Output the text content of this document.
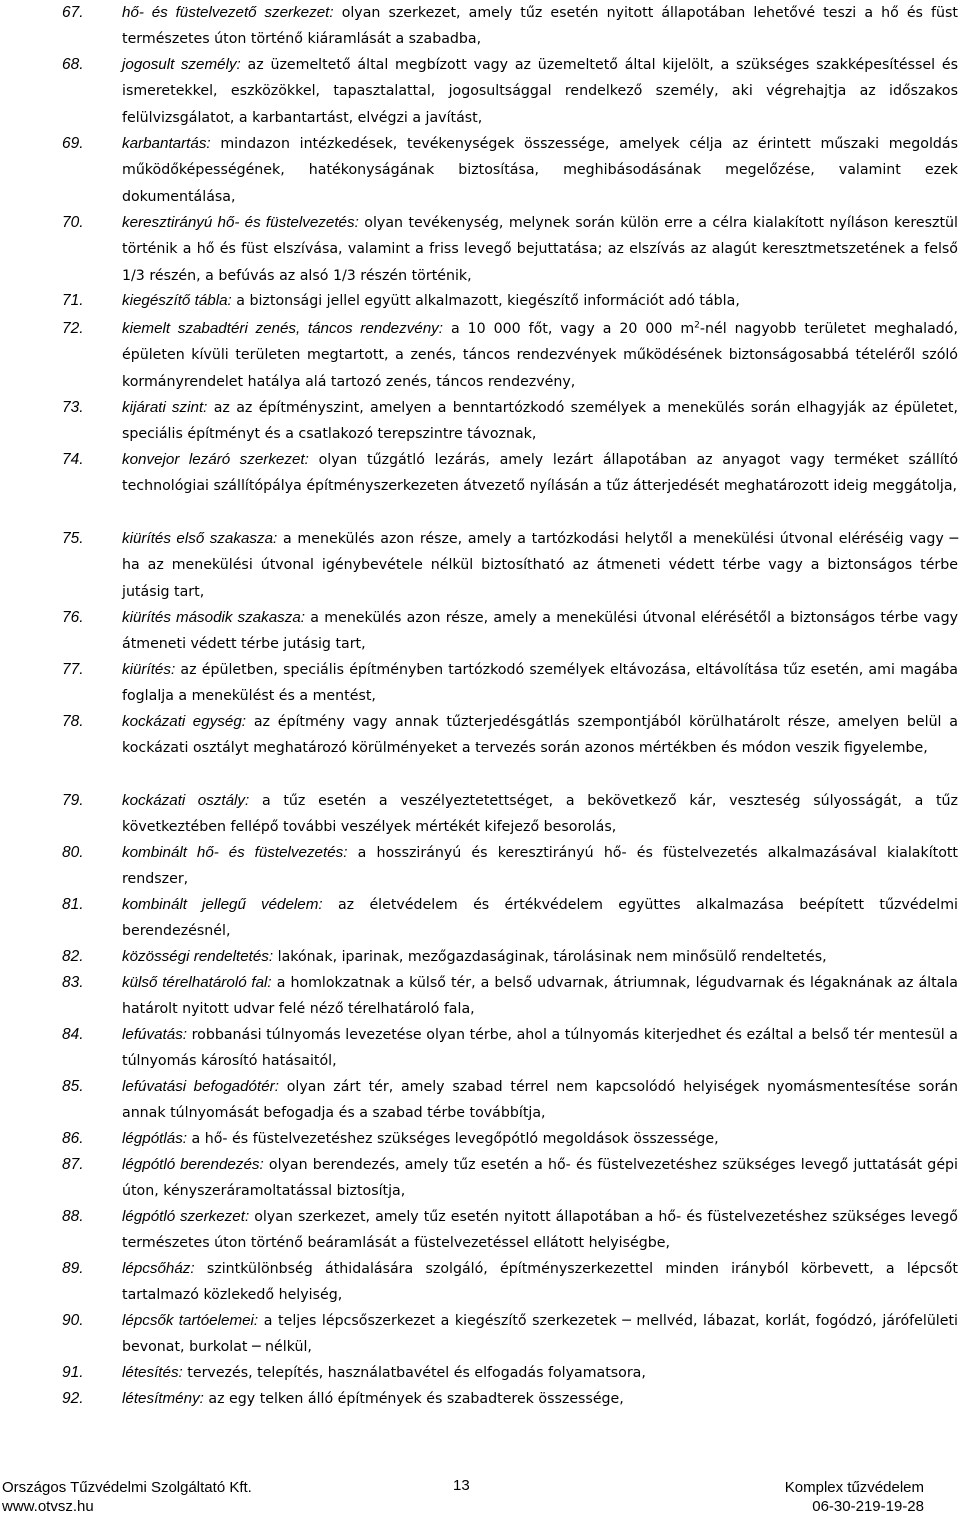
67.	hő- és füstelvezető szerkezet: olyan szerkezet, amely tűz esetén nyitott állapotában lehetővé teszi a hő és füst természetes úton történő kiáramlását a szabadba,
68.	jogosult személy: az üzemeltető által megbízott vagy az üzemeltető által kijelölt, a szükséges szakképesítéssel és ismeretekkel, eszközökkel, tapasztalattal, jogosultsággal rendelkező személy, aki végrehajtja az időszakos felülvizsgálatot, a karbantartást, elvégzi a javítást,
69.	karbantartás: mindazon intézkedések, tevékenységek összessége, amelyek célja az érintett műszaki megoldás működőképességének, hatékonyságának biztosítása, meghibásodásának megelőzése, valamint ezek dokumentálása,
70.	keresztirányú hő- és füstelvezetés: olyan tevékenység, melynek során külön erre a célra kialakított nyíláson keresztül történik a hő és füst elszívása, valamint a friss levegő bejuttatása; az elszívás az alagút keresztmetszetének a felső 1/3 részén, a befúvás az alsó 1/3 részén történik,
71.	kiegészítő tábla: a biztonsági jellel együtt alkalmazott, kiegészítő információt adó tábla,
72.	kiemelt szabadtéri zenés, táncos rendezvény: a 10 000 főt, vagy a 20 000 $m^2$-nél nagyobb területet meghaladó, épületen kívüli területen megtartott, a zenés, táncos rendezvények működésének biztonságosabbá tételéről szóló kormányrendelet hatálya alá tartozó zenés, táncos rendezvény,
73.	kijárati szint: az az építményszint, amelyen a benntartózkodó személyek a menekülés során elhagyják az épületet, speciális építményt és a csatlakozó terepszintre távoznak,
74.	konvejor lezáró szerkezet: olyan tűzgátló lezárás, amely lezárt állapotában az anyagot vagy terméket szállító technológiai szállítópálya építményszerkezeten átvezető nyílásán a tűz átterjedését meghatározott ideig meggátolja,
75.	kiürítés első szakasza: a menekülés azon része, amely a tartózkodási helytől a menekülési útvonal eléréséig vagy ─ ha az menekülési útvonal igénybevétele nélkül biztosítható az átmeneti védett térbe vagy a biztonságos térbe jutásig tart,
76.	kiürítés második szakasza: a menekülés azon része, amely a menekülési útvonal elérésétől a biztonságos térbe vagy átmeneti védett térbe jutásig tart,
77.	kiürítés: az épületben, speciális építményben tartózkodó személyek eltávozása, eltávolítása tűz esetén, ami magába foglalja a menekülést és a mentést,
78.	kockázati egység: az építmény vagy annak tűzterjedésgátlás szempontjából körülhatárolt része, amelyen belül a kockázati osztályt meghatározó körülményeket a tervezés során azonos mértékben és módon veszik figyelembe,
79.	kockázati osztály: a tűz esetén a veszélyeztetettséget, a bekövetkező kár, veszteség súlyosságát, a tűz következtében fellépő további veszélyek mértékét kifejező besorolás,
80.	kombinált hő- és füstelvezetés: a hosszirányú és keresztirányú hő- és füstelvezetés alkalmazásával kialakított rendszer,
81.	kombinált jellegű védelem: az életvédelem és értékvédelem együttes alkalmazása beépített tűzvédelmi berendezésnél,
82.	közösségi rendeltetés: lakónak, iparinak, mezőgazdaságinak, tárolásinak nem minősülő rendeltetés,
83.	külső térelhatároló fal: a homlokzatnak a külső tér, a belső udvarnak, átriumnak, légudvarnak és légaknának az általa határolt nyitott udvar felé néző térelhatároló fala,
84.	lefúvatás: robbanási túlnyomás levezetése olyan térbe, ahol a túlnyomás kiterjedhet és ezáltal a belső tér mentesül a túlnyomás károsító hatásaitól,
85.	lefúvatási befogadótér: olyan zárt tér, amely szabad térrel nem kapcsolódó helyiségek nyomásmentesítése során annak túlnyomását befogadja és a szabad térbe továbbítja,
86.	légpótlás: a hő- és füstelvezetéshez szükséges levegőpótló megoldások összessége,
87.	légpótló berendezés: olyan berendezés, amely tűz esetén a hő- és füstelvezetéshez szükséges levegő juttatását gépi úton, kényszeráramoltatással biztosítja,
88.	légpótló szerkezet: olyan szerkezet, amely tűz esetén nyitott állapotában a hő- és füstelvezetéshez szükséges levegő természetes úton történő beáramlását a füstelvezetéssel ellátott helyiségbe,
89.	lépcsőház: szintkülönbség áthidalására szolgáló, építményszerkezettel minden irányból körbevett, a lépcsőt tartalmazó közlekedő helyiség,
90.	lépcsők tartóelemei: a teljes lépcsőszerkezet a kiegészítő szerkezetek ─ mellvéd, lábazat, korlát, fogódzó, járófelületi bevonat, burkolat ─ nélkül,
91.	létesítés: tervezés, telepítés, használatbavétel és elfogadás folyamatsora,
92.	létesítmény: az egy telken álló építmények és szabadterek összessége,
Országos Tűzvédelmi Szolgáltató Kft.
www.otvsz.hu
13	Komplex tűzvédelem
06-30-219-19-28
